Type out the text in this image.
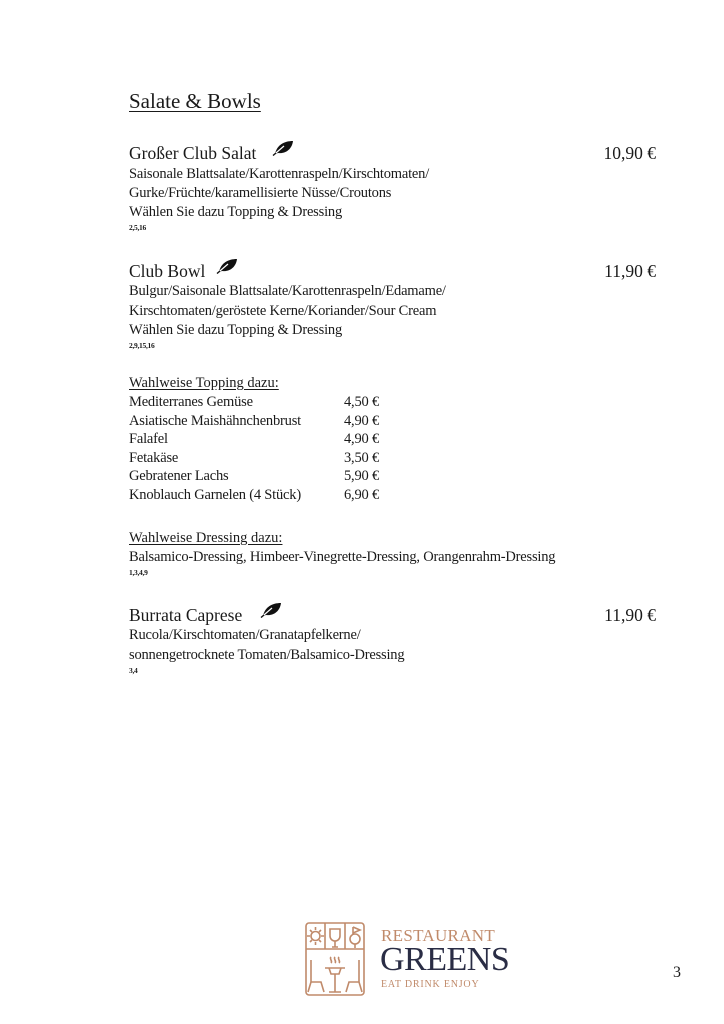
Salate & Bowls
Großer Club Salat	10,90 €
Saisonale Blattsalate/Karottenraspeln/Kirschtomaten/
Gurke/Früchte/karamellisierte Nüsse/Croutons
Wählen Sie dazu Topping & Dressing
2,5,16
Club Bowl	11,90 €
Bulgur/Saisonale Blattsalate/Karottenraspeln/Edamame/
Kirschtomaten/geröstete Kerne/Koriander/Sour Cream
Wählen Sie dazu Topping & Dressing
2,9,15,16
Wahlweise Topping dazu:
Mediterranes Gemüse	4,50 €
Asiatische Maishähnchenbrust	4,90 €
Falafel	4,90 €
Fetakäse	3,50 €
Gebratener Lachs	5,90 €
Knoblauch Garnelen (4 Stück)	6,90 €
Wahlweise Dressing dazu:
Balsamico-Dressing, Himbeer-Vinegrette-Dressing, Orangenrahm-Dressing
1,3,4,9
Burrata Caprese	11,90 €
Rucola/Kirschtomaten/Granatapfelkerne/
sonnengetrocknete Tomaten/Balsamico-Dressing
3,4
RESTAURANT
GREENS
EAT DRINK ENJOY
3
